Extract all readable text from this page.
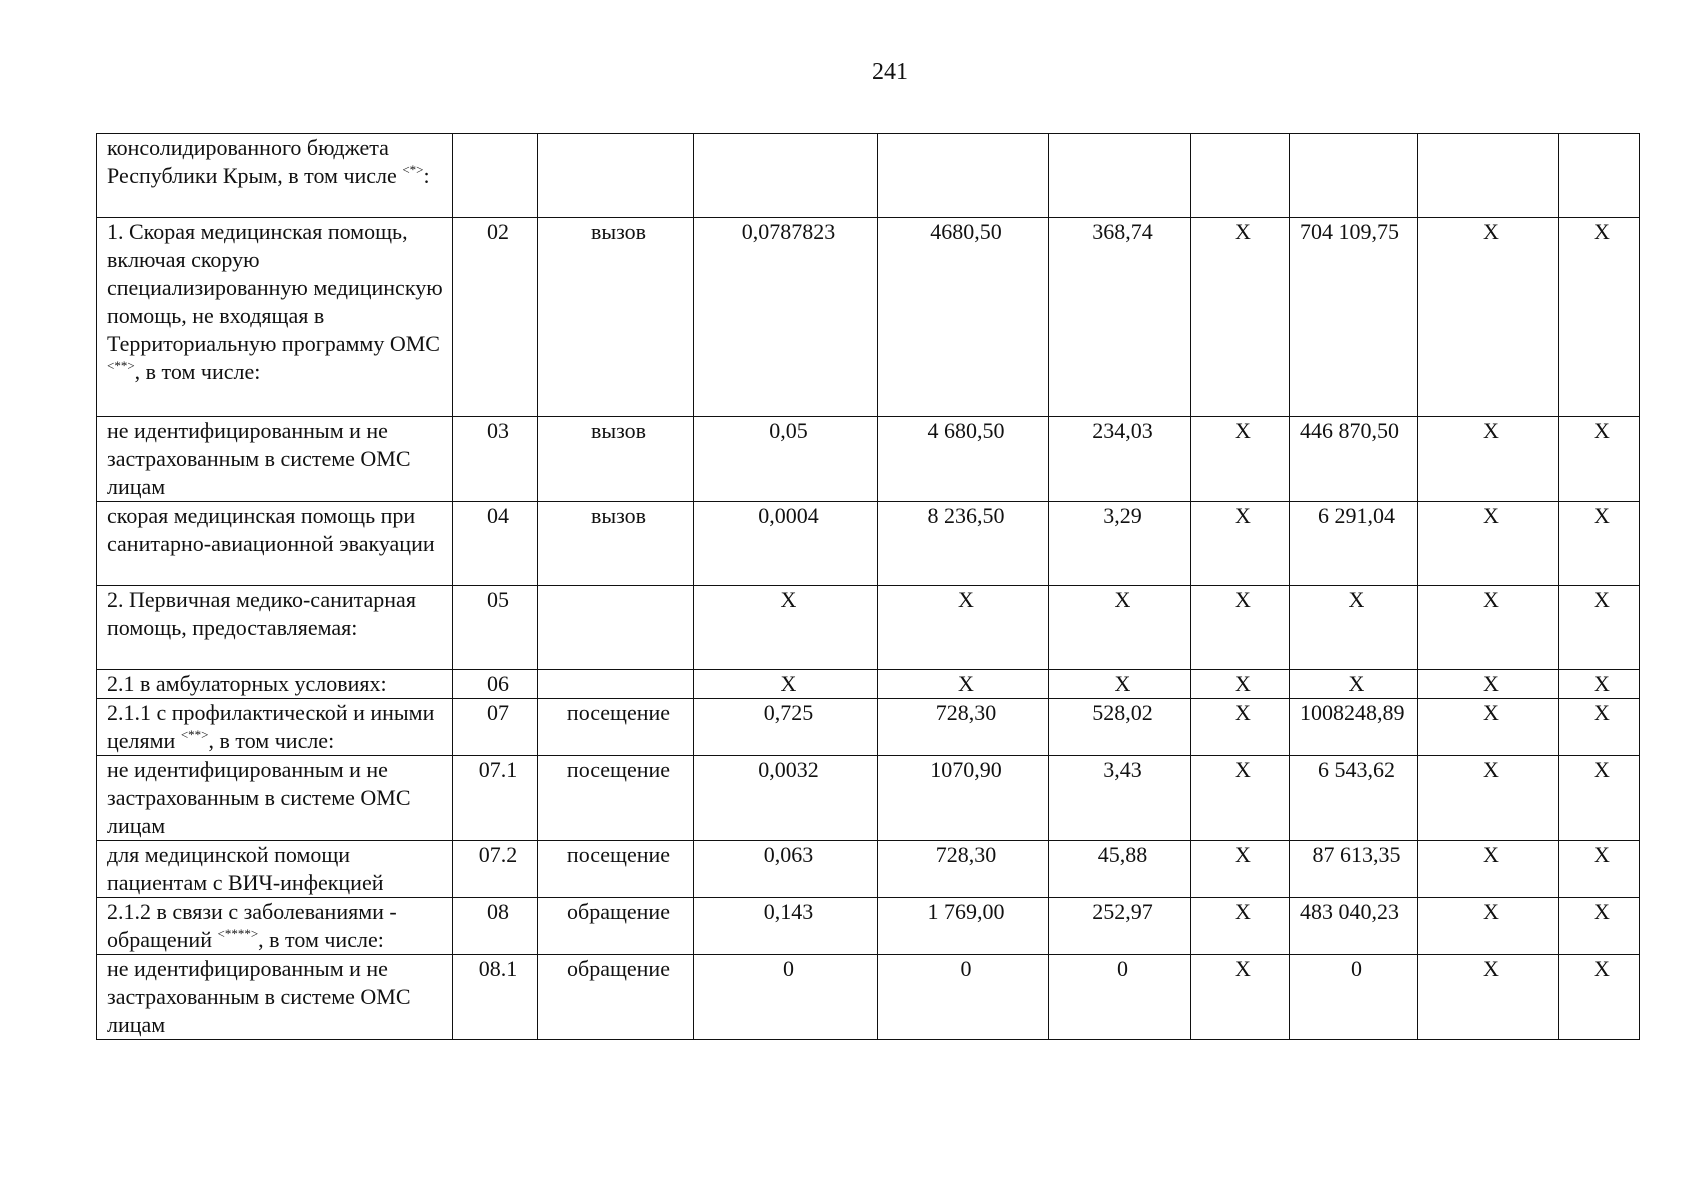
241
консолидированного бюджета Республики Крым, в том числе <*>:									
1. Скорая медицинская помощь, включая скорую специализированную медицинскую помощь, не входящая в Территориальную программу ОМС <**>, в том числе:	02	вызов	0,0787823	4680,50	368,74	X	704 109,75	X	X
не идентифицированным и не застрахованным в системе ОМС лицам	03	вызов	0,05	4 680,50	234,03	X	446 870,50	X	X
скорая медицинская помощь при санитарно-авиационной эвакуации	04	вызов	0,0004	8 236,50	3,29	X	6 291,04	X	X
2. Первичная медико-санитарная помощь, предоставляемая:	05		X	X	X	X	X	X	X
2.1 в амбулаторных условиях:	06		X	X	X	X	X	X	X
2.1.1 с профилактической и иными целями <**>, в том числе:	07	посещение	0,725	728,30	528,02	X	1008248,89	X	X
не идентифицированным и не застрахованным в системе ОМС лицам	07.1	посещение	0,0032	1070,90	3,43	X	6 543,62	X	X
для медицинской помощи пациентам с ВИЧ-инфекцией	07.2	посещение	0,063	728,30	45,88	X	87 613,35	X	X
2.1.2 в связи с заболеваниями - обращений <****>, в том числе:	08	обращение	0,143	1 769,00	252,97	X	483 040,23	X	X
не идентифицированным и не застрахованным в системе ОМС лицам	08.1	обращение	0	0	0	X	0	X	X
